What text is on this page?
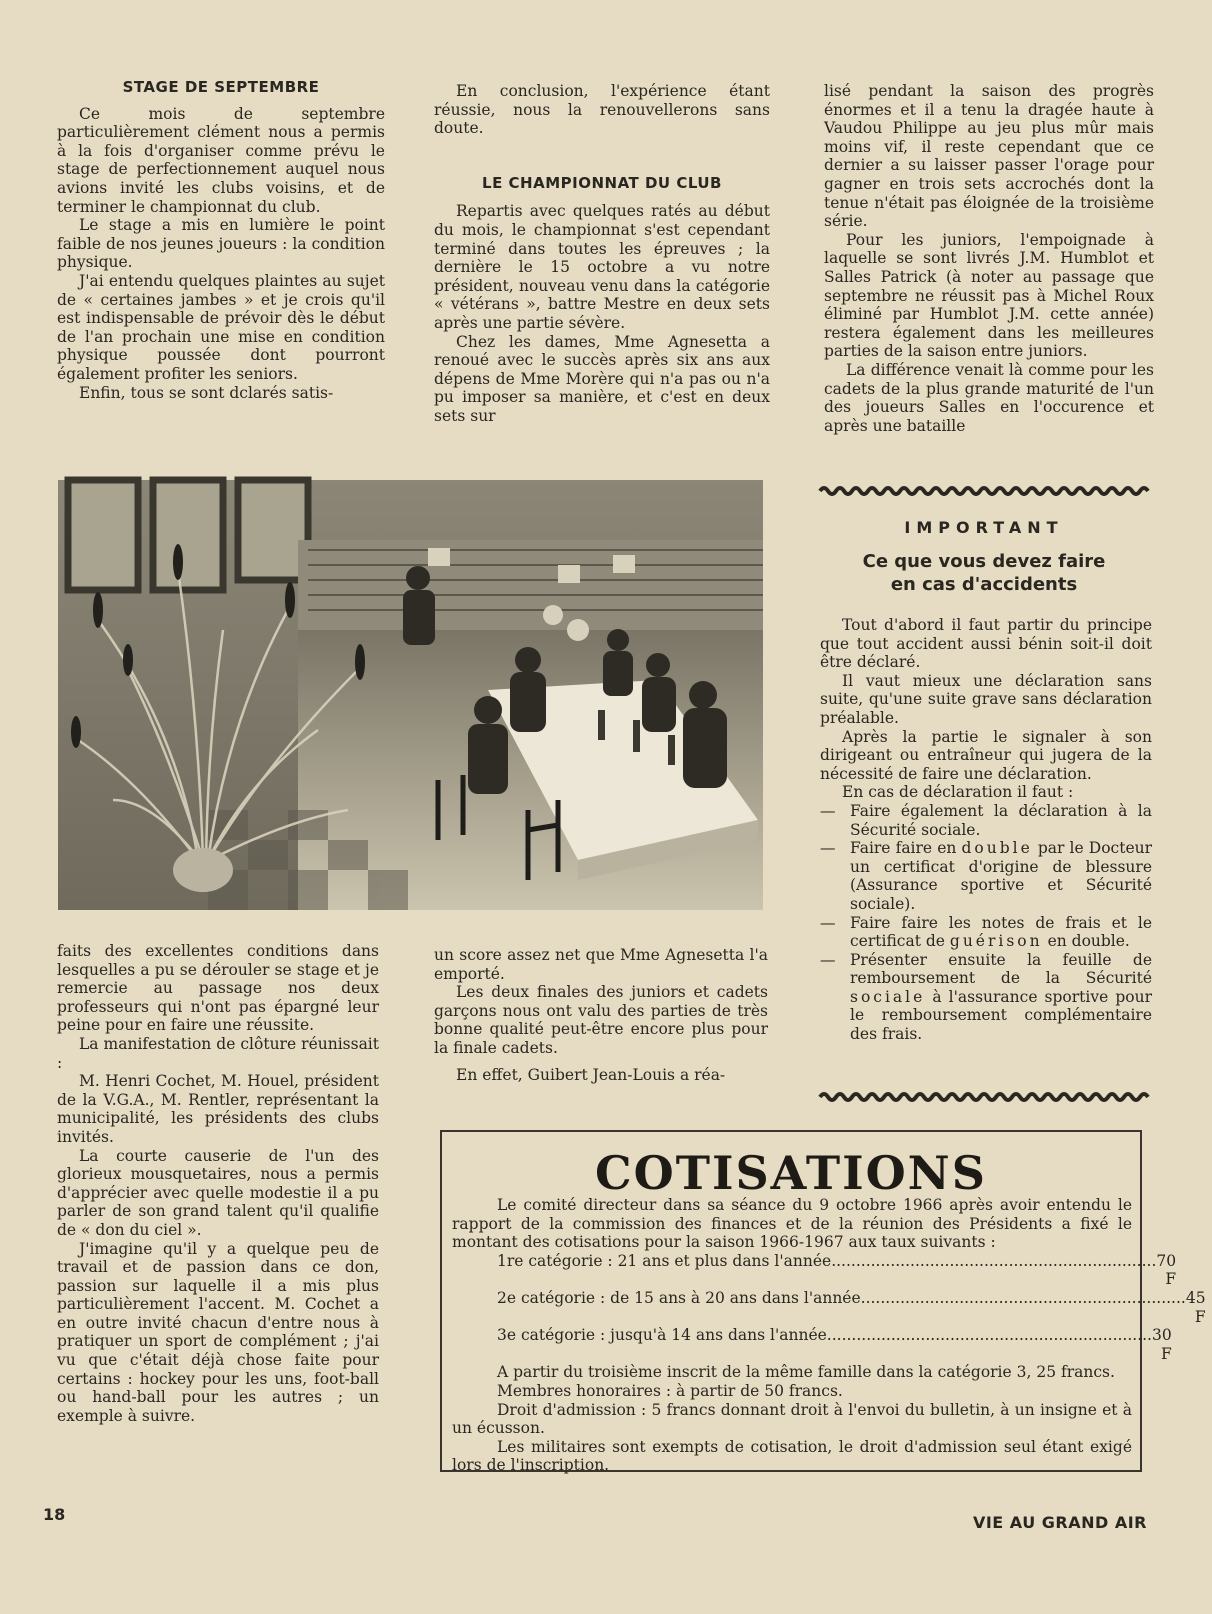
STAGE DE SEPTEMBRE

Ce mois de septembre particulièrement clément nous a permis à la fois d'organiser comme prévu le stage de perfectionnement auquel nous avions invité les clubs voisins, et de terminer le championnat du club.

Le stage a mis en lumière le point faible de nos jeunes joueurs : la condition physique.

J'ai entendu quelques plaintes au sujet de « certaines jambes » et je crois qu'il est indispensable de prévoir dès le début de l'an prochain une mise en condition physique poussée dont pourront également profiter les seniors.

Enfin, tous se sont dclarés satis-

En conclusion, l'expérience étant réussie, nous la renouvellerons sans doute.

LE CHAMPIONNAT DU CLUB

Repartis avec quelques ratés au début du mois, le championnat s'est cependant terminé dans toutes les épreuves ; la dernière le 15 octobre a vu notre président, nouveau venu dans la catégorie « vétérans », battre Mestre en deux sets après une partie sévère.

Chez les dames, Mme Agnesetta a renoué avec le succès après six ans aux dépens de Mme Morère qui n'a pas ou n'a pu imposer sa manière, et c'est en deux sets sur

lisé pendant la saison des progrès énormes et il a tenu la dragée haute à Vaudou Philippe au jeu plus mûr mais moins vif, il reste cependant que ce dernier a su laisser passer l'orage pour gagner en trois sets accrochés dont la tenue n'était pas éloignée de la troisième série.

Pour les juniors, l'empoignade à laquelle se sont livrés J.M. Humblot et Salles Patrick (à noter au passage que septembre ne réussit pas à Michel Roux éliminé par Humblot J.M. cette année) restera également dans les meilleures parties de la saison entre juniors.

La différence venait là comme pour les cadets de la plus grande maturité de l'un des joueurs Salles en l'occurence et après une bataille

IMPORTANT
Ce que vous devez faire
en cas d'accidents

Tout d'abord il faut partir du principe que tout accident aussi bénin soit-il doit être déclaré.

Il vaut mieux une déclaration sans suite, qu'une suite grave sans déclaration préalable.

Après la partie le signaler à son dirigeant ou entraîneur qui jugera de la nécessité de faire une déclaration.

En cas de déclaration il faut :

— Faire également la déclaration à la Sécurité sociale.

— Faire faire en double par le Docteur un certificat d'origine de blessure (Assurance sportive et Sécurité sociale).

— Faire faire les notes de frais et le certificat de guérison en double.

— Présenter ensuite la feuille de remboursement de la Sécurité sociale à l'assurance sportive pour le remboursement complémentaire des frais.

faits des excellentes conditions dans lesquelles a pu se dérouler se stage et je remercie au passage nos deux professeurs qui n'ont pas épargné leur peine pour en faire une réussite.

La manifestation de clôture réunissait :

M. Henri Cochet, M. Houel, président de la V.G.A., M. Rentler, représentant la municipalité, les présidents des clubs invités.

La courte causerie de l'un des glorieux mousquetaires, nous a permis d'apprécier avec quelle modestie il a pu parler de son grand talent qu'il qualifie de « don du ciel ».

J'imagine qu'il y a quelque peu de travail et de passion dans ce don, passion sur laquelle il a mis plus particulièrement l'accent. M. Cochet a en outre invité chacun d'entre nous à pratiquer un sport de complément ; j'ai vu que c'était déjà chose faite pour certains : hockey pour les uns, foot-ball ou hand-ball pour les autres ; un exemple à suivre.

un score assez net que Mme Agnesetta l'a emporté.

Les deux finales des juniors et cadets garçons nous ont valu des parties de très bonne qualité peut-être encore plus pour la finale cadets.

En effet, Guibert Jean-Louis a réa-

COTISATIONS

Le comité directeur dans sa séance du 9 octobre 1966 après avoir entendu le rapport de la commission des finances et de la réunion des Présidents a fixé le montant des cotisations pour la saison 1966-1967 aux taux suivants :

1re catégorie : 21 ans et plus dans l'année .................................................................. 70 F
2e catégorie : de 15 ans à 20 ans dans l'année .................................................................. 45 F
3e catégorie : jusqu'à 14 ans dans l'année .................................................................. 30 F

A partir du troisième inscrit de la même famille dans la catégorie 3, 25 francs.

Membres honoraires : à partir de 50 francs.

Droit d'admission : 5 francs donnant droit à l'envoi du bulletin, à un insigne et à un écusson.

Les militaires sont exempts de cotisation, le droit d'admission seul étant exigé lors de l'inscription.

18	VIE AU GRAND AIR
